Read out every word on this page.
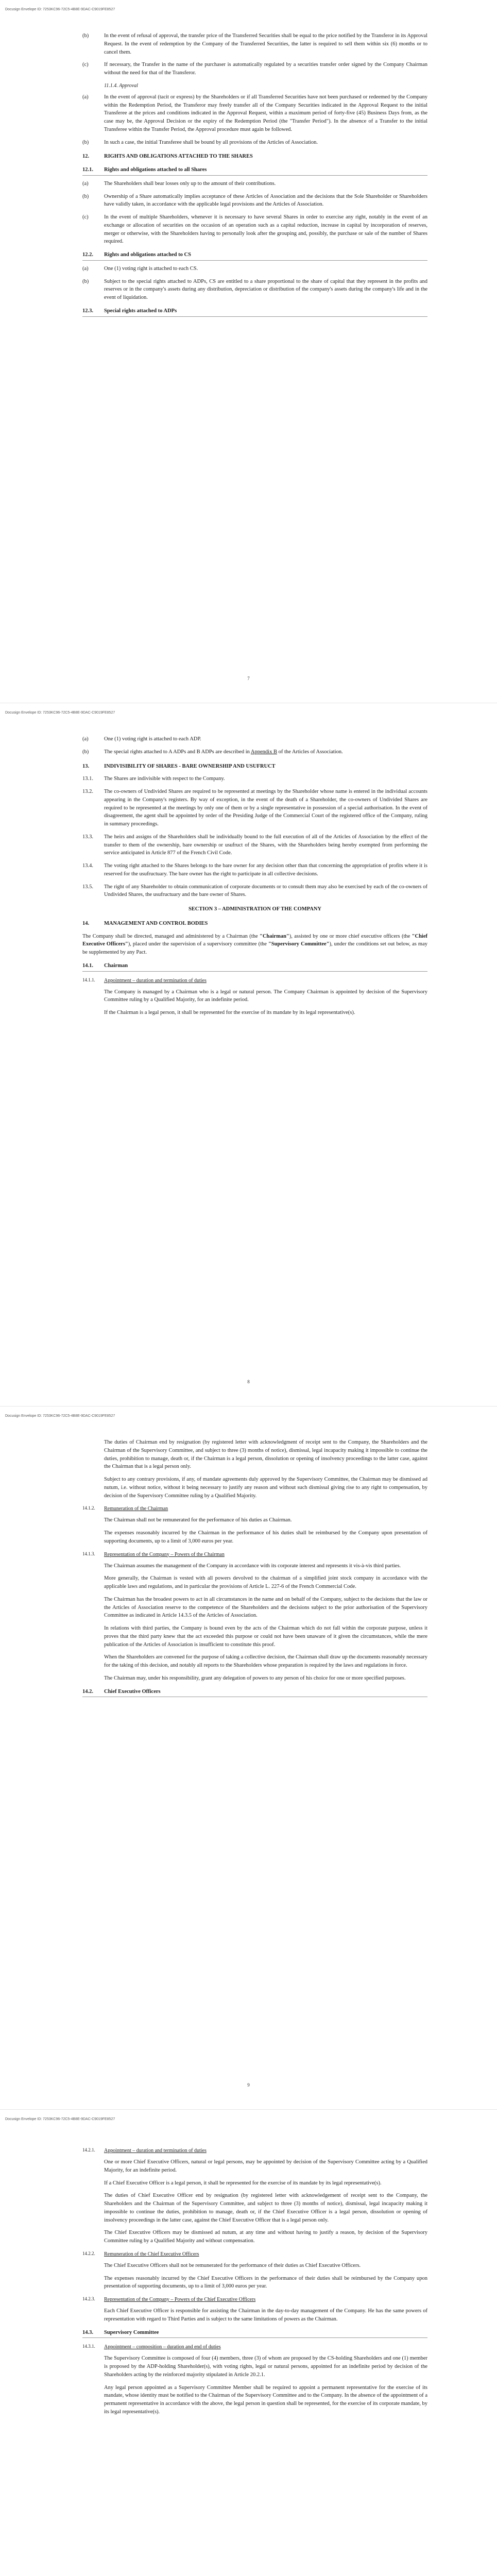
Docusign Envelope ID: 7253KC96-72C5-4B8E-9DAC-C9019FE8527
(b)	In the event of refusal of approval, the transfer price of the Transferred Securities shall be equal to the price notified by the Transferor in its Approval Request. In the event of redemption by the Company of the Transferred Securities, the latter is required to sell them within six (6) months or to cancel them.
(c)	If necessary, the Transfer in the name of the purchaser is automatically regulated by a securities transfer order signed by the Company Chairman without the need for that of the Transferor.
11.1.4. Approval
(a)	In the event of approval (tacit or express) by the Shareholders or if all Transferred Securities have not been purchased or redeemed by the Company within the Redemption Period, the Transferor may freely transfer all of the Company Securities indicated in the Approval Request to the initial Transferee at the prices and conditions indicated in the Approval Request, within a maximum period of forty-five (45) Business Days from, as the case may be, the Approval Decision or the expiry of the Redemption Period (the "Transfer Period"). In the absence of a Transfer to the initial Transferee within the Transfer Period, the Approval procedure must again be followed.
(b)	In such a case, the initial Transferee shall be bound by all provisions of the Articles of Association.
12.	RIGHTS AND OBLIGATIONS ATTACHED TO THE SHARES
12.1.	Rights and obligations attached to all Shares
(a)	The Shareholders shall bear losses only up to the amount of their contributions.
(b)	Ownership of a Share automatically implies acceptance of these Articles of Association and the decisions that the Sole Shareholder or Shareholders have validly taken, in accordance with the applicable legal provisions and the Articles of Association.
(c)	In the event of multiple Shareholders, whenever it is necessary to have several Shares in order to exercise any right, notably in the event of an exchange or allocation of securities on the occasion of an operation such as a capital reduction, increase in capital by incorporation of reserves, merger or otherwise, with the Shareholders having to personally look after the grouping and, possibly, the purchase or sale of the number of Shares required.
12.2.	Rights and obligations attached to CS
(a)	One (1) voting right is attached to each CS.
(b)	Subject to the special rights attached to ADPs, CS are entitled to a share proportional to the share of capital that they represent in the profits and reserves or in the company's assets during any distribution, depreciation or distribution of the company's assets during the company's life and in the event of liquidation.
12.3.	Special rights attached to ADPs
7
Docusign Envelope ID: 7253KC96-72C5-4B8E-9DAC-C9019FE8527
(a)	One (1) voting right is attached to each ADP.
(b)	The special rights attached to A ADPs and B ADPs are described in Appendix B of the Articles of Association.
13.	INDIVISIBILITY OF SHARES - BARE OWNERSHIP AND USUFRUCT
13.1.	The Shares are indivisible with respect to the Company.
13.2.	The co-owners of Undivided Shares are required to be represented at meetings by the Shareholder whose name is entered in the individual accounts appearing in the Company's registers. By way of exception, in the event of the death of a Shareholder, the co-owners of Undivided Shares are required to be represented at the meetings by only one of them or by a single representative in possession of a special authorisation. In the event of disagreement, the agent shall be appointed by order of the Presiding Judge of the Commercial Court of the registered office of the Company, ruling in summary proceedings.
13.3.	The heirs and assigns of the Shareholders shall be individually bound to the full execution of all of the Articles of Association by the effect of the transfer to them of the ownership, bare ownership or usufruct of the Shares, with the Shareholders being hereby exempted from performing the service anticipated in Article 877 of the French Civil Code.
13.4.	The voting right attached to the Shares belongs to the bare owner for any decision other than that concerning the appropriation of profits where it is reserved for the usufructuary. The bare owner has the right to participate in all collective decisions.
13.5.	The right of any Shareholder to obtain communication of corporate documents or to consult them may also be exercised by each of the co-owners of Undivided Shares, the usufructuary and the bare owner of Shares.
SECTION 3 – ADMINISTRATION OF THE COMPANY
14.	MANAGEMENT AND CONTROL BODIES
The Company shall be directed, managed and administered by a Chairman (the "Chairman"), assisted by one or more chief executive officers (the "Chief Executive Officers"), placed under the supervision of a supervisory committee (the "Supervisory Committee"), under the conditions set out below, as may be supplemented by any Pact.
14.1.	Chairman
14.1.1.	Appointment – duration and termination of duties
The Company is managed by a Chairman who is a legal or natural person. The Company Chairman is appointed by decision of the Supervisory Committee ruling by a Qualified Majority, for an indefinite period.
If the Chairman is a legal person, it shall be represented for the exercise of its mandate by its legal representative(s).
8
Docusign Envelope ID: 7253KC96-72C5-4B8E-9DAC-C9019FE8527
The duties of Chairman end by resignation (by registered letter with acknowledgment of receipt sent to the Company, the Shareholders and the Chairman of the Supervisory Committee, and subject to three (3) months of notice), dismissal, legal incapacity making it impossible to continue the duties, prohibition to manage, death or, if the Chairman is a legal person, dissolution or opening of insolvency proceedings to the latter case, against the Chairman that is a legal person only.
Subject to any contrary provisions, if any, of mandate agreements duly approved by the Supervisory Committee, the Chairman may be dismissed ad nutum, i.e. without notice, without it being necessary to justify any reason and without such dismissal giving rise to any right to compensation, by decision of the Supervisory Committee ruling by a Qualified Majority.
14.1.2.	Remuneration of the Chairman
The Chairman shall not be remunerated for the performance of his duties as Chairman.
The expenses reasonably incurred by the Chairman in the performance of his duties shall be reimbursed by the Company upon presentation of supporting documents, up to a limit of 3,000 euros per year.
14.1.3.	Representation of the Company – Powers of the Chairman
The Chairman assumes the management of the Company in accordance with its corporate interest and represents it vis-à-vis third parties.
More generally, the Chairman is vested with all powers devolved to the chairman of a simplified joint stock company in accordance with the applicable laws and regulations, and in particular the provisions of Article L. 227-6 of the French Commercial Code.
The Chairman has the broadest powers to act in all circumstances in the name and on behalf of the Company, subject to the decisions that the law or the Articles of Association reserve to the competence of the Shareholders and the decisions subject to the prior authorisation of the Supervisory Committee as indicated in Article 14.3.5 of the Articles of Association.
In relations with third parties, the Company is bound even by the acts of the Chairman which do not fall within the corporate purpose, unless it proves that the third party knew that the act exceeded this purpose or could not have been unaware of it given the circumstances, while the mere publication of the Articles of Association is insufficient to constitute this proof.
When the Shareholders are convened for the purpose of taking a collective decision, the Chairman shall draw up the documents reasonably necessary for the taking of this decision, and notably all reports to the Shareholders whose preparation is required by the laws and regulations in force.
The Chairman may, under his responsibility, grant any delegation of powers to any person of his choice for one or more specified purposes.
14.2.	Chief Executive Officers
9
Docusign Envelope ID: 7253KC96-72C5-4B8E-9DAC-C9019FE8527
14.2.1.	Appointment – duration and termination of duties
One or more Chief Executive Officers, natural or legal persons, may be appointed by decision of the Supervisory Committee acting by a Qualified Majority, for an indefinite period.
If a Chief Executive Officer is a legal person, it shall be represented for the exercise of its mandate by its legal representative(s).
The duties of Chief Executive Officer end by resignation (by registered letter with acknowledgement of receipt sent to the Company, the Shareholders and the Chairman of the Supervisory Committee, and subject to three (3) months of notice), dismissal, legal incapacity making it impossible to continue the duties, prohibition to manage, death or, if the Chief Executive Officer is a legal person, dissolution or opening of insolvency proceedings in the latter case, against the Chief Executive Officer that is a legal person only.
The Chief Executive Officers may be dismissed ad nutum, at any time and without having to justify a reason, by decision of the Supervisory Committee ruling by a Qualified Majority and without compensation.
14.2.2.	Remuneration of the Chief Executive Officers
The Chief Executive Officers shall not be remunerated for the performance of their duties as Chief Executive Officers.
The expenses reasonably incurred by the Chief Executive Officers in the performance of their duties shall be reimbursed by the Company upon presentation of supporting documents, up to a limit of 3,000 euros per year.
14.2.3.	Representation of the Company – Powers of the Chief Executive Officers
Each Chief Executive Officer is responsible for assisting the Chairman in the day-to-day management of the Company. He has the same powers of representation with regard to Third Parties and is subject to the same limitations of powers as the Chairman.
14.3.	Supervisory Committee
14.3.1.	Appointment – composition – duration and end of duties
The Supervisory Committee is composed of four (4) members, three (3) of whom are proposed by the CS-holding Shareholders and one (1) member is proposed by the ADP-holding Shareholder(s), with voting rights, legal or natural persons, appointed for an indefinite period by decision of the Shareholders acting by the reinforced majority stipulated in Article 20.2.1.
Any legal person appointed as a Supervisory Committee Member shall be required to appoint a permanent representative for the exercise of its mandate, whose identity must be notified to the Chairman of the Supervisory Committee and to the Company. In the absence of the appointment of a permanent representative in accordance with the above, the legal person in question shall be represented, for the exercise of its corporate mandate, by its legal representative(s).
